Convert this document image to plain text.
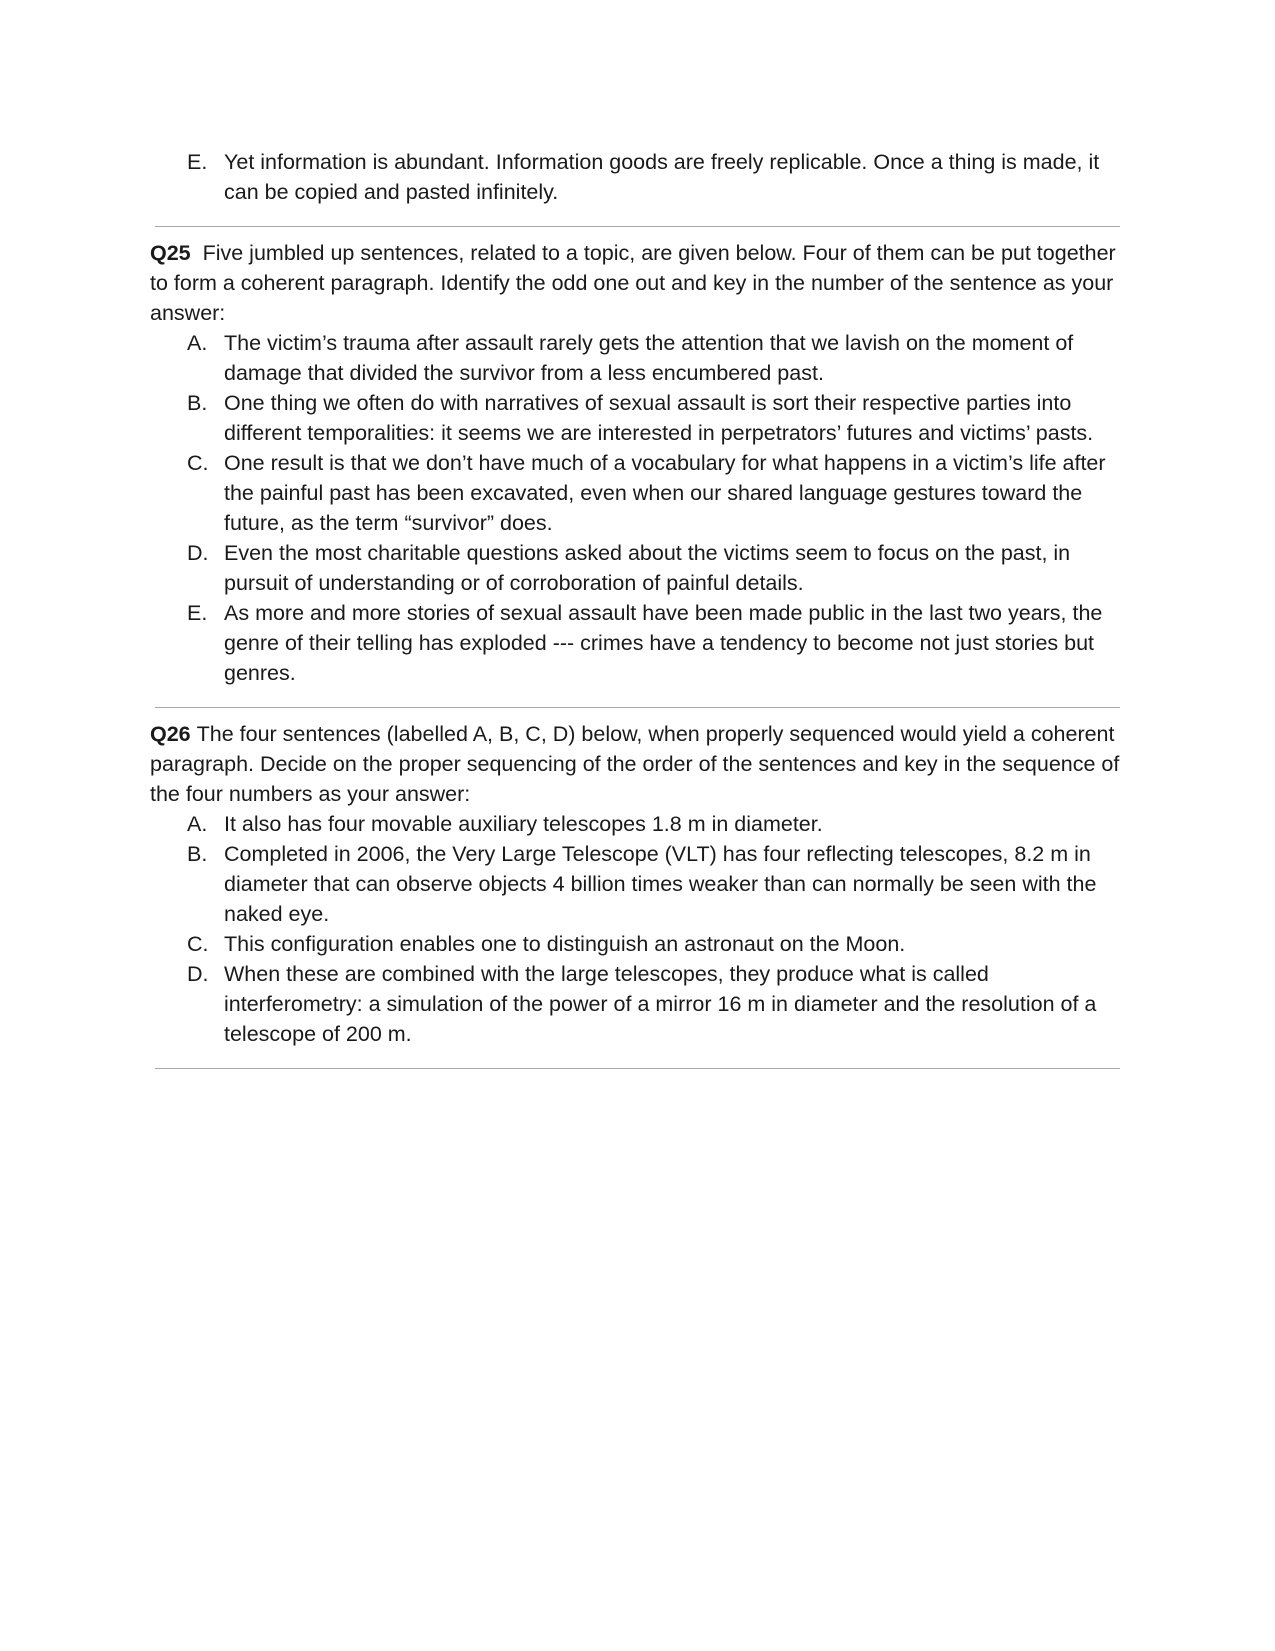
E. Yet information is abundant. Information goods are freely replicable. Once a thing is made, it can be copied and pasted infinitely.
Q25 Five jumbled up sentences, related to a topic, are given below. Four of them can be put together to form a coherent paragraph. Identify the odd one out and key in the number of the sentence as your answer:
A. The victim’s trauma after assault rarely gets the attention that we lavish on the moment of damage that divided the survivor from a less encumbered past.
B. One thing we often do with narratives of sexual assault is sort their respective parties into different temporalities: it seems we are interested in perpetrators’ futures and victims’ pasts.
C. One result is that we don’t have much of a vocabulary for what happens in a victim’s life after the painful past has been excavated, even when our shared language gestures toward the future, as the term “survivor” does.
D. Even the most charitable questions asked about the victims seem to focus on the past, in pursuit of understanding or of corroboration of painful details.
E. As more and more stories of sexual assault have been made public in the last two years, the genre of their telling has exploded --- crimes have a tendency to become not just stories but genres.
Q26 The four sentences (labelled A, B, C, D) below, when properly sequenced would yield a coherent paragraph. Decide on the proper sequencing of the order of the sentences and key in the sequence of the four numbers as your answer:
A. It also has four movable auxiliary telescopes 1.8 m in diameter.
B. Completed in 2006, the Very Large Telescope (VLT) has four reflecting telescopes, 8.2 m in diameter that can observe objects 4 billion times weaker than can normally be seen with the naked eye.
C. This configuration enables one to distinguish an astronaut on the Moon.
D. When these are combined with the large telescopes, they produce what is called interferometry: a simulation of the power of a mirror 16 m in diameter and the resolution of a telescope of 200 m.
